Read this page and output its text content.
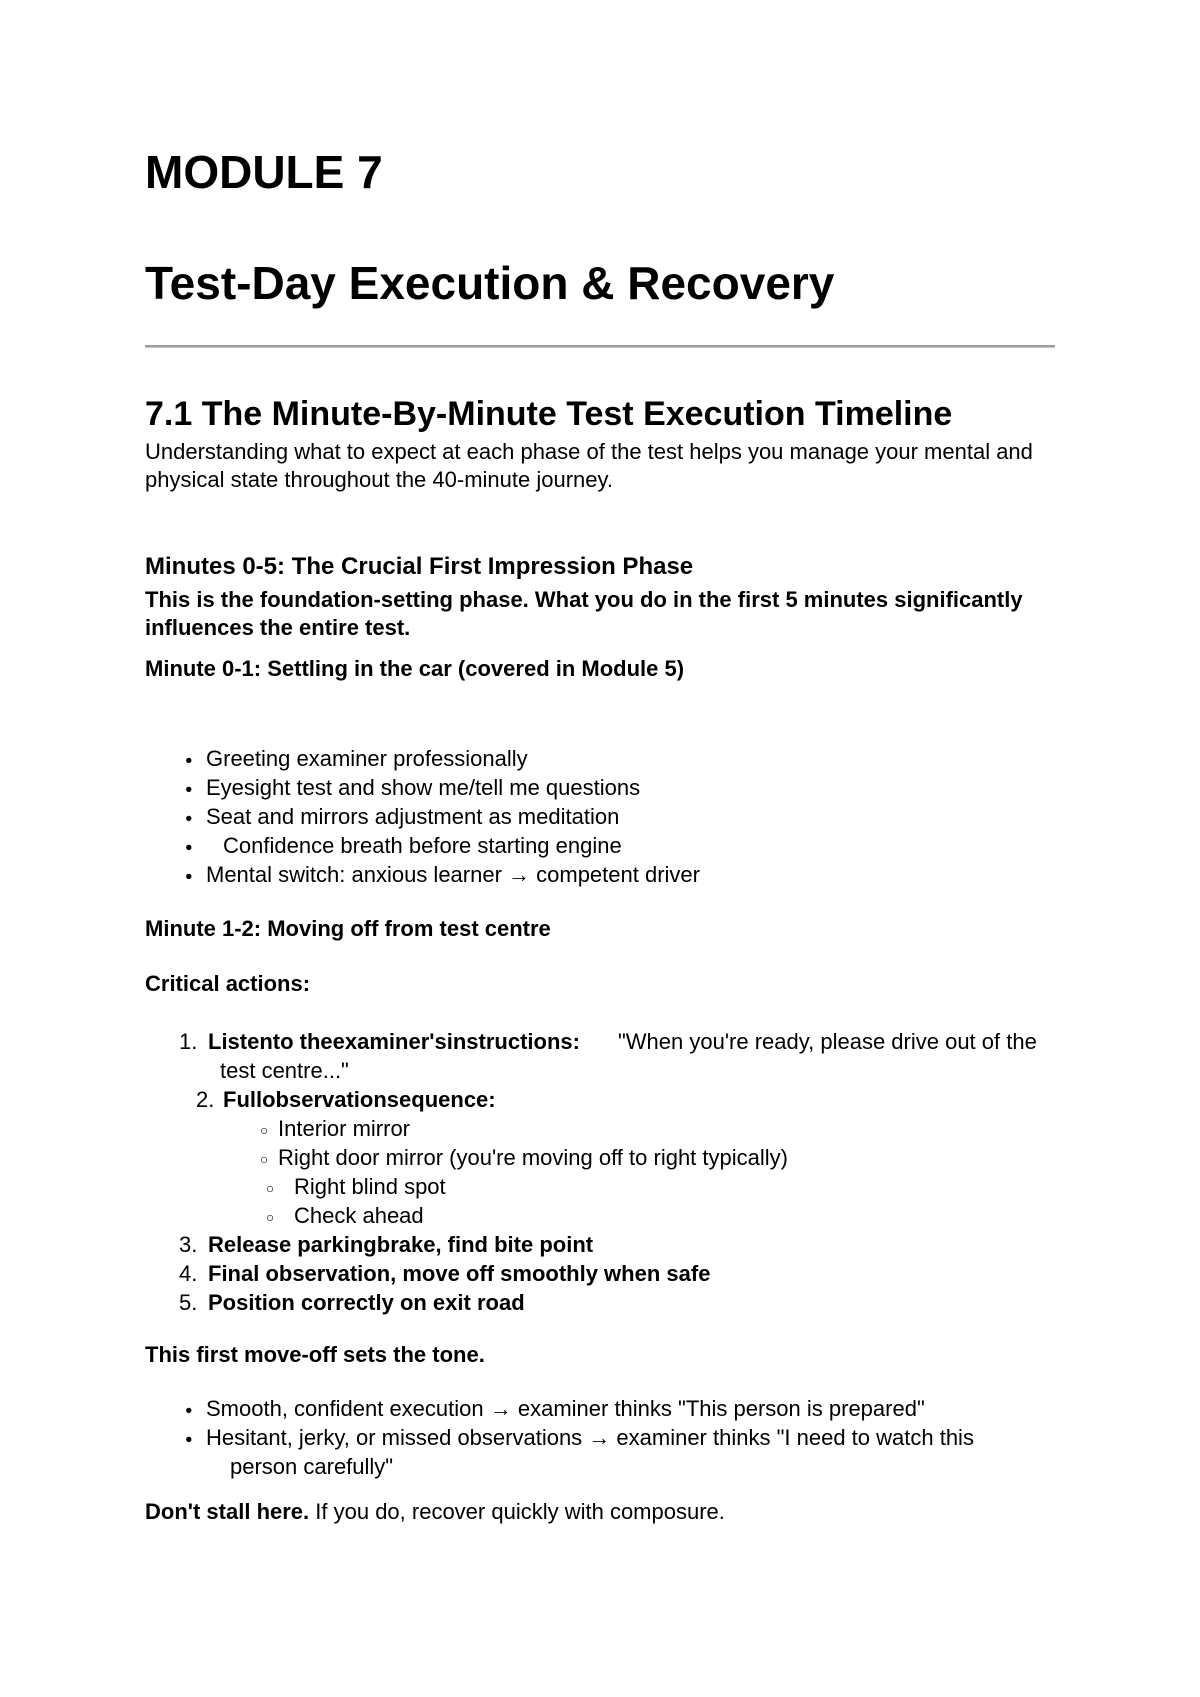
MODULE 7
Test-Day Execution & Recovery
7.1 The Minute-By-Minute Test Execution Timeline
Understanding what to expect at each phase of the test helps you manage your mental and
physical state throughout the 40-minute journey.
Minutes 0-5: The Crucial First Impression Phase
This is the foundation-setting phase. What you do in the first 5 minutes significantly
influences the entire test.
Minute 0-1: Settling in the car (covered in Module 5)
● Greeting examiner professionally
● Eyesight test and show me/tell me questions
● Seat and mirrors adjustment as meditation
● Confidence breath before starting engine
● Mental switch: anxious learner → competent driver
Minute 1-2: Moving off from test centre
Critical actions:
1. Listento theexaminer'sinstructions: "When you're ready, please drive out of the
test centre..."
2. Fullobservationsequence:
○ Interior mirror
○ Right door mirror (you're moving off to right typically)
○ Right blind spot
○ Check ahead
3. Release parkingbrake, find bite point
4. Final observation, move off smoothly when safe
5. Position correctly on exit road
This first move-off sets the tone.
● Smooth, confident execution → examiner thinks "This person is prepared"
● Hesitant, jerky, or missed observations → examiner thinks "I need to watch this
person carefully"
Don't stall here. If you do, recover quickly with composure.
